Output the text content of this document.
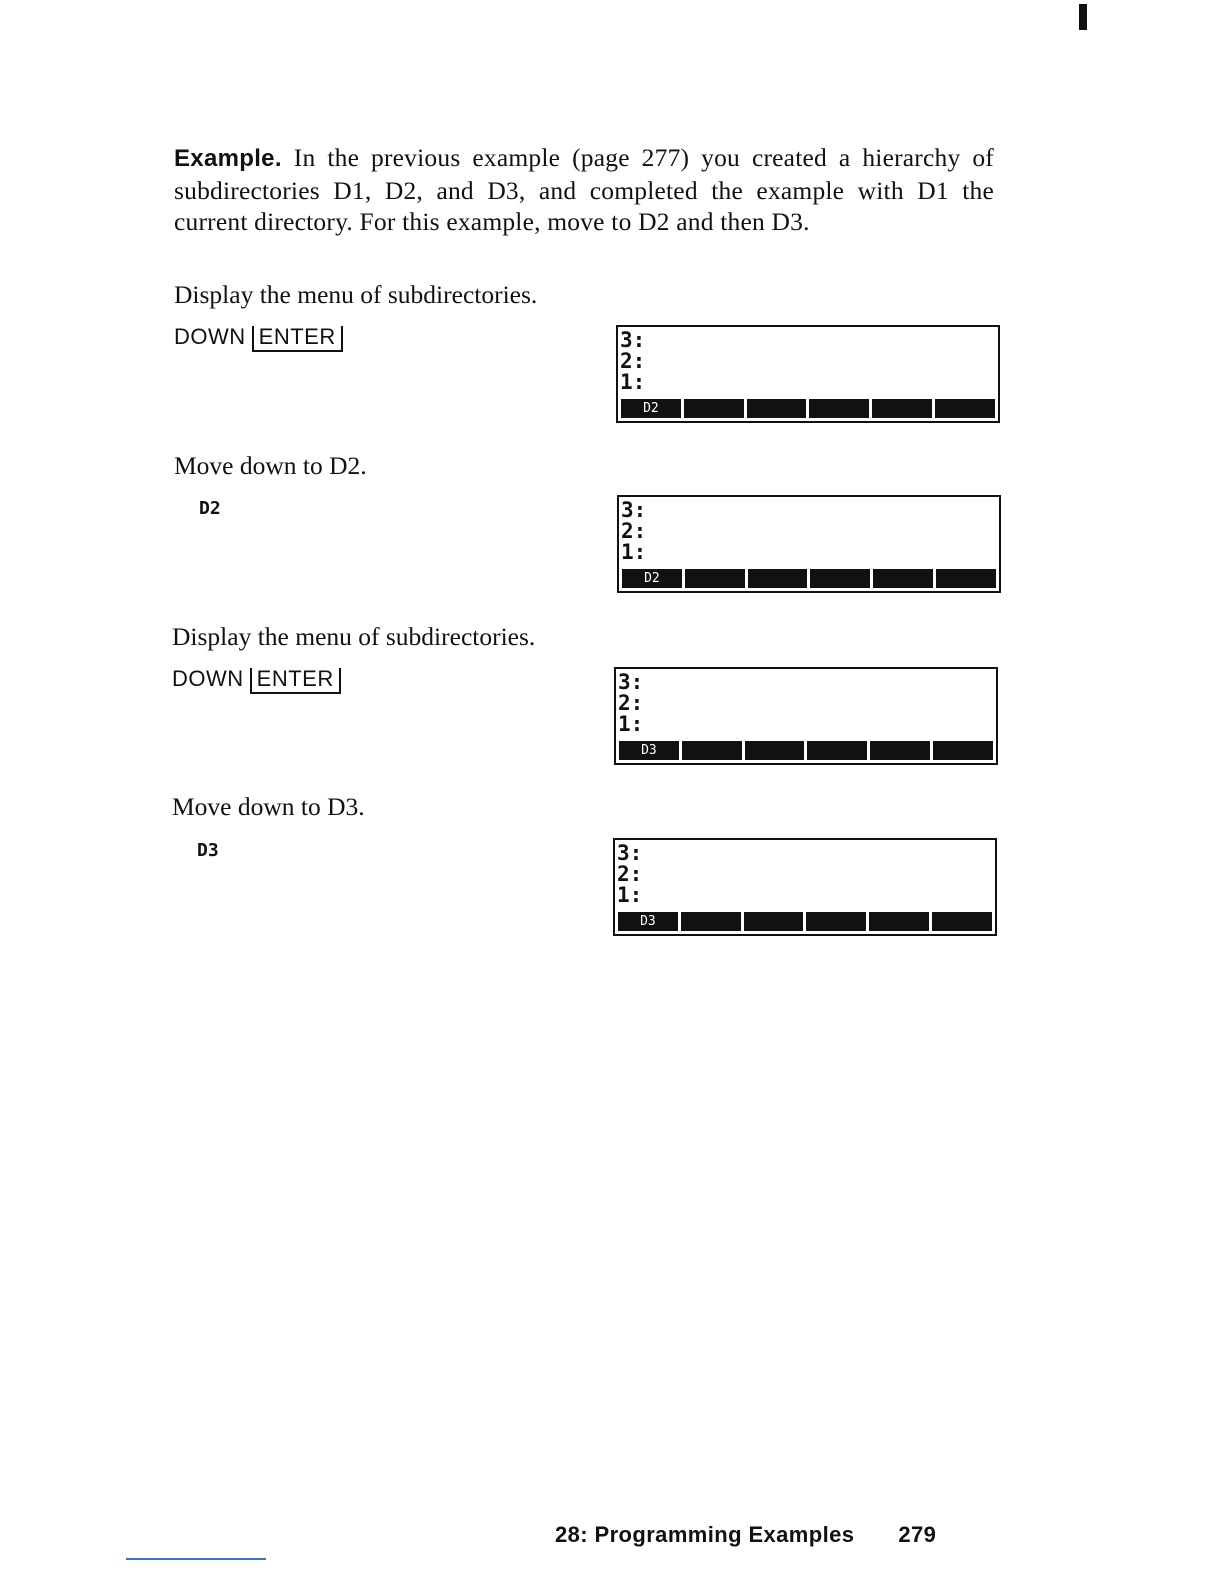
Example. In the previous example (page 277) you created a hierarchy of subdirectories D1, D2, and D3, and completed the example with D1 the current directory. For this example, move to D2 and then D3.

Display the menu of subdirectories.
DOWN ENTER	3:
2:
1:
D2
Move down to D2.
D2	3:
2:
1:
D2
Display the menu of subdirectories.
DOWN ENTER	3:
2:
1:
D3
Move down to D3.
D3	3:
2:
1:
D3
28: Programming Examples 279
